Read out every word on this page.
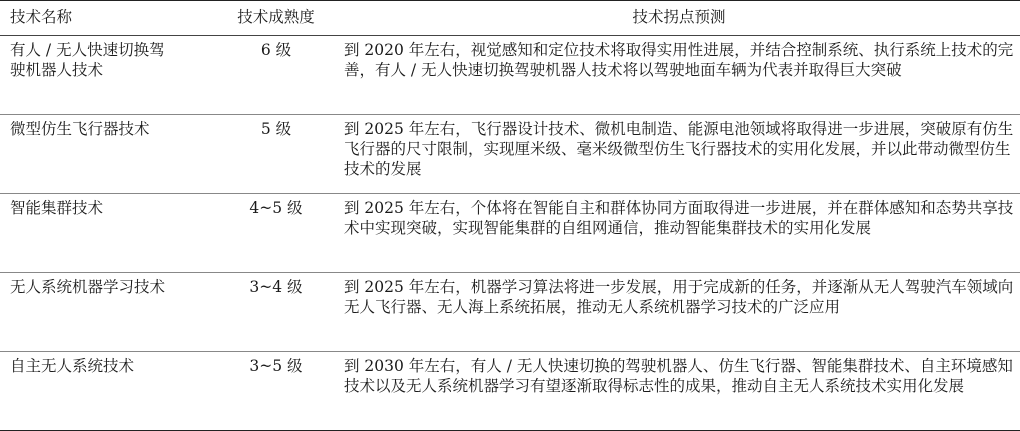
技术名称	技术成熟度	技术拐点预测
有人 / 无人快速切换驾驶机器人技术	6 级	到 2020 年左右，视觉感知和定位技术将取得实用性进展，并结合控制系统、执行系统上技术的完善，有人 / 无人快速切换驾驶机器人技术将以驾驶地面车辆为代表并取得巨大突破
微型仿生飞行器技术	5 级	到 2025 年左右，飞行器设计技术、微机电制造、能源电池领域将取得进一步进展，突破原有仿生飞行器的尺寸限制，实现厘米级、毫米级微型仿生飞行器技术的实用化发展，并以此带动微型仿生技术的发展
智能集群技术	4~5 级	到 2025 年左右，个体将在智能自主和群体协同方面取得进一步进展，并在群体感知和态势共享技术中实现突破，实现智能集群的自组网通信，推动智能集群技术的实用化发展
无人系统机器学习技术	3~4 级	到 2025 年左右，机器学习算法将进一步发展，用于完成新的任务，并逐渐从无人驾驶汽车领域向无人飞行器、无人海上系统拓展，推动无人系统机器学习技术的广泛应用
自主无人系统技术	3~5 级	到 2030 年左右，有人 / 无人快速切换的驾驶机器人、仿生飞行器、智能集群技术、自主环境感知技术以及无人系统机器学习有望逐渐取得标志性的成果，推动自主无人系统技术实用化发展
